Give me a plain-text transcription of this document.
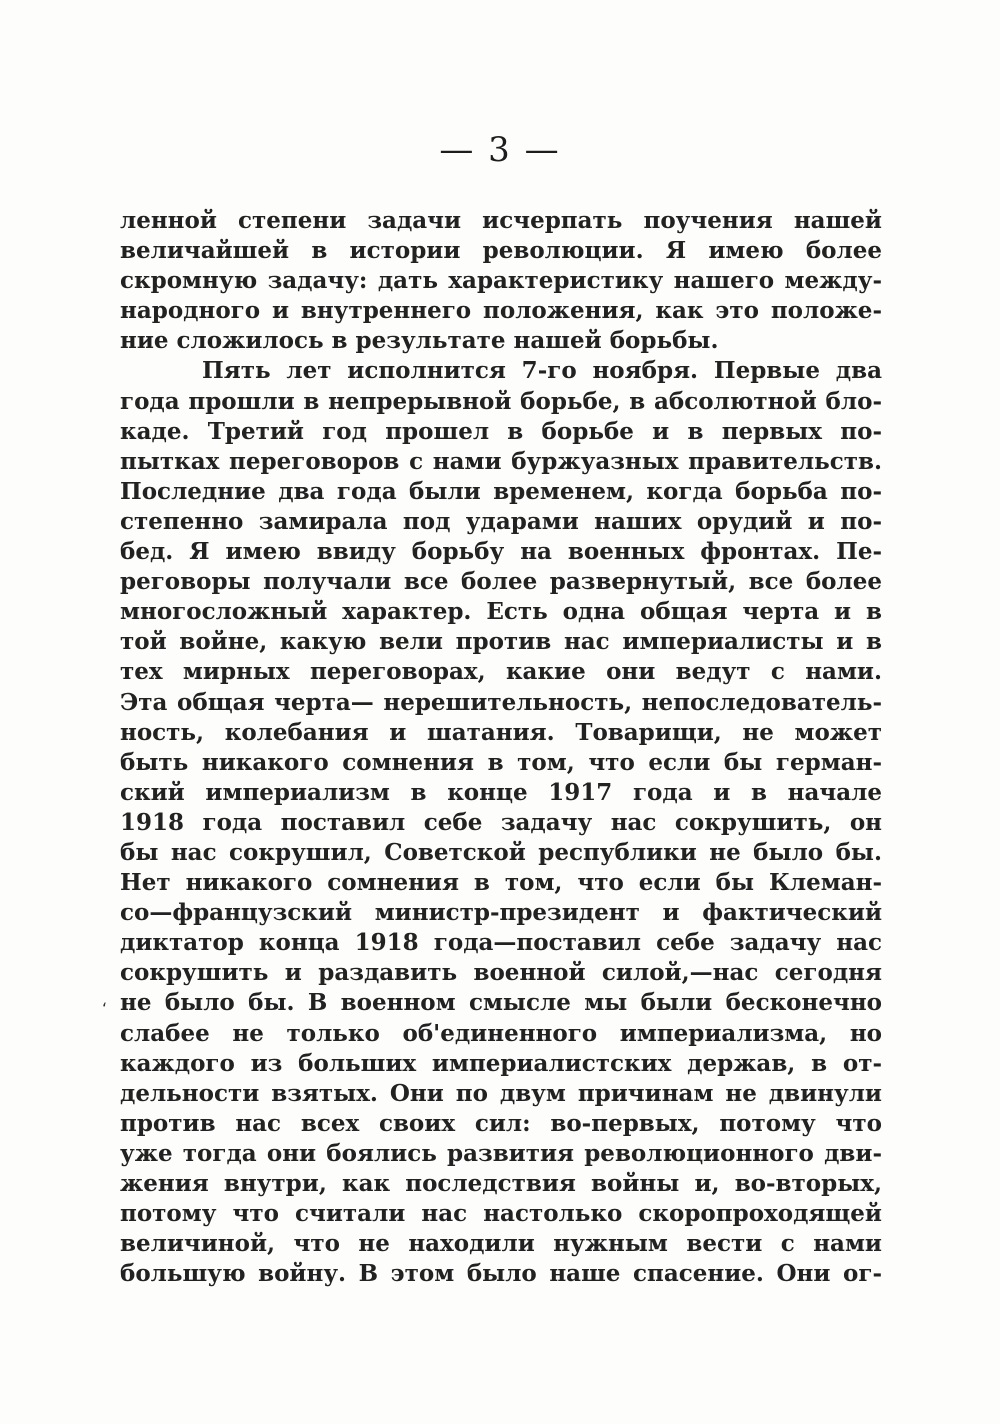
— 3 —
‘
ленной степени задачи исчерпать поучения нашей
величайшей в истории революции. Я имею более
скромную задачу: дать характеристику нашего между-
народного и внутреннего положения, как это положе-
ние сложилось в результате нашей борьбы.
Пять лет исполнится 7-го ноября. Первые два
года прошли в непрерывной борьбе, в абсолютной бло-
каде. Третий год прошел в борьбе и в первых по-
пытках переговоров с нами буржуазных правительств.
Последние два года были временем, когда борьба по-
степенно замирала под ударами наших орудий и по-
бед. Я имею ввиду борьбу на военных фронтах. Пе-
реговоры получали все более развернутый, все более
многосложный характер. Есть одна общая черта и в
той войне, какую вели против нас империалисты и в
тех мирных переговорах, какие они ведут с нами.
Эта общая черта— нерешительность, непоследователь-
ность, колебания и шатания. Товарищи, не может
быть никакого сомнения в том, что если бы герман-
ский империализм в конце 1917 года и в начале
1918 года поставил себе задачу нас сокрушить, он
бы нас сокрушил, Советской республики не было бы.
Нет никакого сомнения в том, что если бы Клеман-
со—французский министр-президент и фактический
диктатор конца 1918 года—поставил себе задачу нас
сокрушить и раздавить военной силой,—нас сегодня
не было бы. В военном смысле мы были бесконечно
слабее не только об'единенного империализма, но
каждого из больших империалистских держав, в от-
дельности взятых. Они по двум причинам не двинули
против нас всех своих сил: во-первых, потому что
уже тогда они боялись развития революционного дви-
жения внутри, как последствия войны и, во-вторых,
потому что считали нас настолько скоропроходящей
величиной, что не находили нужным вести с нами
большую войну. В этом было наше спасение. Они ог-
